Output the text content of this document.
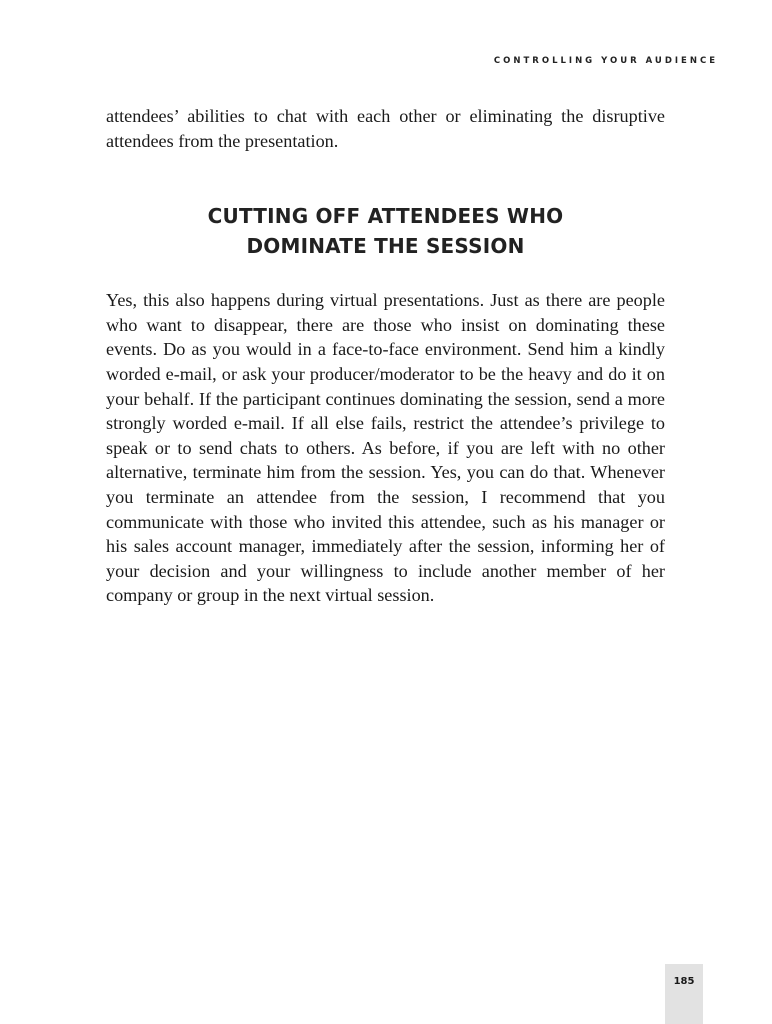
CONTROLLING YOUR AUDIENCE

attendees’ abilities to chat with each other or eliminating the disruptive attendees from the presentation.

CUTTING OFF ATTENDEES WHO DOMINATE THE SESSION

Yes, this also happens during virtual presentations. Just as there are people who want to disappear, there are those who insist on dominating these events. Do as you would in a face-to-face environment. Send him a kindly worded e-mail, or ask your producer/moderator to be the heavy and do it on your behalf. If the participant continues dominating the session, send a more strongly worded e-mail. If all else fails, restrict the attendee’s privilege to speak or to send chats to others. As before, if you are left with no other alternative, terminate him from the session. Yes, you can do that. Whenever you terminate an attendee from the session, I recommend that you communicate with those who invited this attendee, such as his manager or his sales account manager, immediately after the session, informing her of your decision and your willingness to include another member of her company or group in the next virtual session.

185
